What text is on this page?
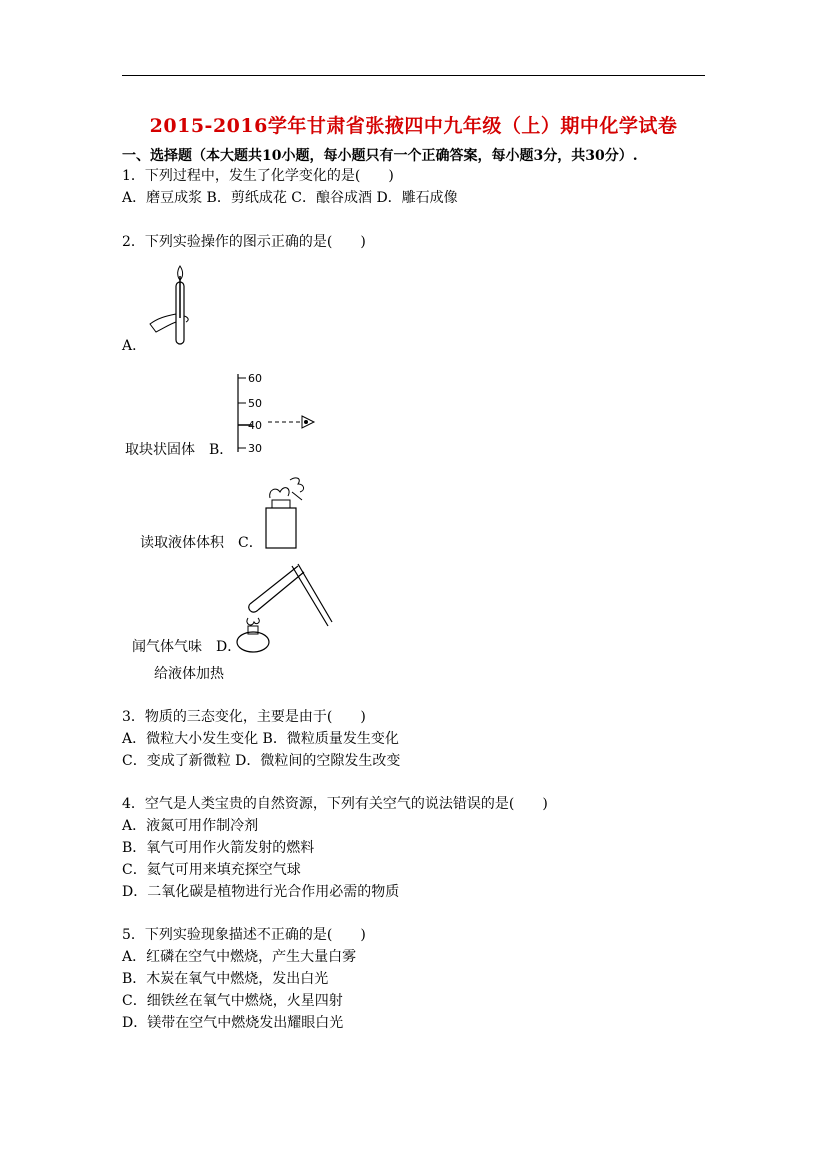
2015-2016学年甘肃省张掖四中九年级（上）期中化学试卷
一、选择题（本大题共10小题，每小题只有一个正确答案，每小题3分，共30分）.
1．下列过程中，发生了化学变化的是(　　)
A．磨豆成浆 B．剪纸成花 C．酿谷成酒 D．雕石成像
2．下列实验操作的图示正确的是(　　)
A．
60
50
40
30
取块状固体　B．
读取液体体积　C．
闻气体气味　D．
给液体加热
3．物质的三态变化，主要是由于(　　)
A．微粒大小发生变化 B．微粒质量发生变化
C．变成了新微粒 D．微粒间的空隙发生改变
4．空气是人类宝贵的自然资源，下列有关空气的说法错误的是(　　)
A．液氮可用作制冷剂
B．氧气可用作火箭发射的燃料
C．氦气可用来填充探空气球
D．二氧化碳是植物进行光合作用必需的物质
5．下列实验现象描述不正确的是(　　)
A．红磷在空气中燃烧，产生大量白雾
B．木炭在氧气中燃烧，发出白光
C．细铁丝在氧气中燃烧，火星四射
D．镁带在空气中燃烧发出耀眼白光
